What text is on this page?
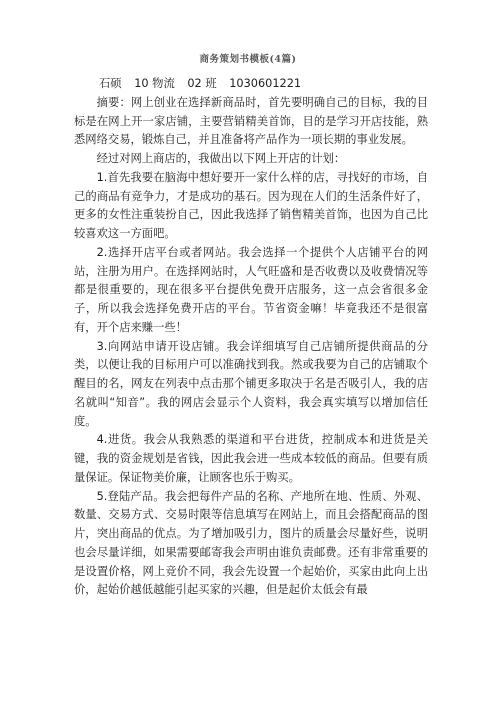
商务策划书模板(4篇)

石硕 10 物流 02 班 1030601221

摘要：网上创业在选择新商品时，首先要明确自己的目标，我的目标是在网上开一家店铺，主要营销精美首饰，目的是学习开店技能，熟悉网络交易，锻炼自己，并且准备将产品作为一项长期的事业发展。

经过对网上商店的，我做出以下网上开店的计划：

1.首先我要在脑海中想好要开一家什么样的店，寻找好的市场，自己的商品有竞争力，才是成功的基石。因为现在人们的生活条件好了，更多的女性注重装扮自己，因此我选择了销售精美首饰，也因为自己比较喜欢这一方面吧。

2.选择开店平台或者网站。我会选择一个提供个人店铺平台的网站，注册为用户。在选择网站时，人气旺盛和是否收费以及收费情况等都是很重要的，现在很多平台提供免费开店服务，这一点会省很多金子，所以我会选择免费开店的平台。节省资金嘛！毕竟我还不是很富有，开个店来赚一些！

3.向网站申请开设店铺。我会详细填写自己店铺所提供商品的分类，以便让我的目标用户可以准确找到我。然或我要为自己的店铺取个醒目的名，网友在列表中点击那个铺更多取决于名是否吸引人，我的店名就叫“知音”。我的网店会显示个人资料，我会真实填写以增加信任度。

4.进货。我会从我熟悉的渠道和平台进货，控制成本和进货是关键，我的资金规划是省钱，因此我会进一些成本较低的商品。但要有质量保证。保证物美价廉，让顾客也乐于购买。

5.登陆产品。我会把每件产品的名称、产地所在地、性质、外观、数量、交易方式、交易时限等信息填写在网站上，而且会搭配商品的图片，突出商品的优点。为了增加吸引力，图片的质量会尽量好些，说明也会尽量详细，如果需要邮寄我会声明由谁负责邮费。还有非常重要的是设置价格，网上竞价不同，我会先设置一个起始价，买家由此向上出价，起始价越低越能引起买家的兴趣，但是起价太低会有最
